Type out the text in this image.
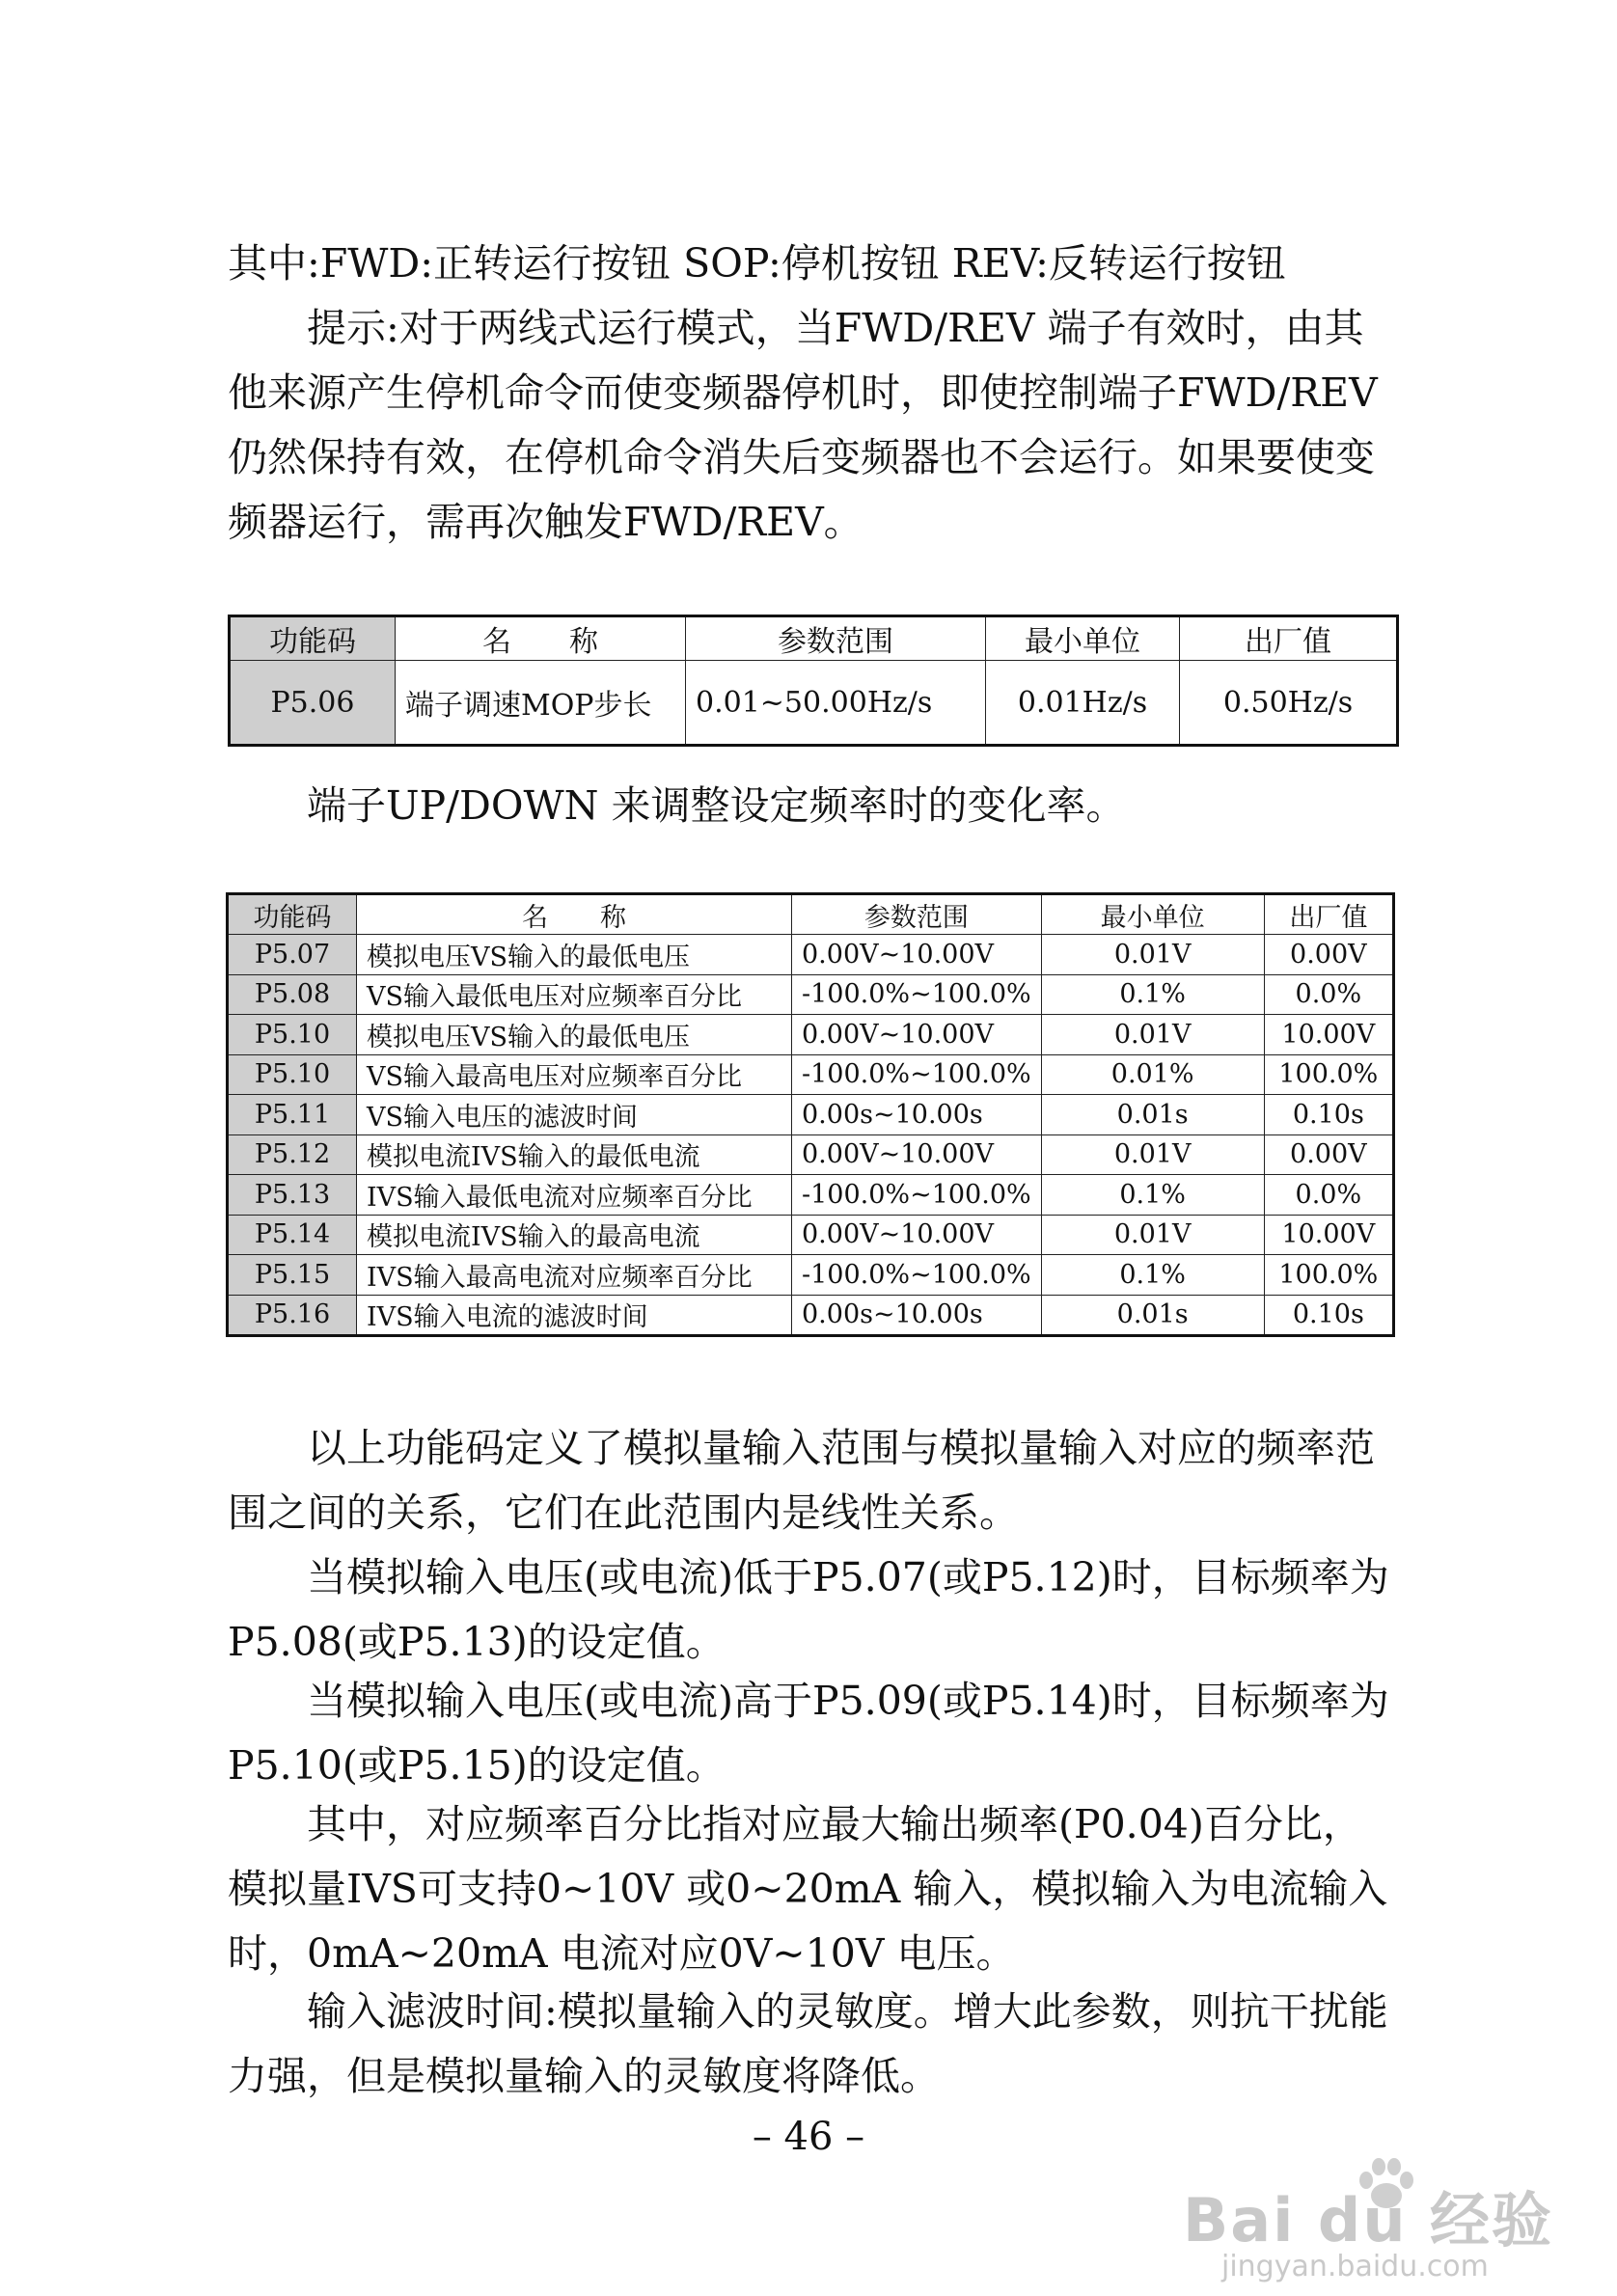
其中:FWD:正转运行按钮 SOP:停机按钮 REV:反转运行按钮

提示:对于两线式运行模式，当FWD/REV 端子有效时，由其他来源产生停机命令而使变频器停机时，即使控制端子FWD/REV 仍然保持有效，在停机命令消失后变频器也不会运行。如果要使变频器运行，需再次触发FWD/REV。

功能码	名　　称	参数范围	最小单位	出厂值
P5.06	端子调速MOP步长	0.01~50.00Hz/s	0.01Hz/s	0.50Hz/s

端子UP/DOWN 来调整设定频率时的变化率。

功能码	名　　称	参数范围	最小单位	出厂值
P5.07	模拟电压VS输入的最低电压	0.00V~10.00V	0.01V	0.00V
P5.08	VS输入最低电压对应频率百分比	-100.0%~100.0%	0.1%	0.0%
P5.10	模拟电压VS输入的最低电压	0.00V~10.00V	0.01V	10.00V
P5.10	VS输入最高电压对应频率百分比	-100.0%~100.0%	0.01%	100.0%
P5.11	VS输入电压的滤波时间	0.00s~10.00s	0.01s	0.10s
P5.12	模拟电流IVS输入的最低电流	0.00V~10.00V	0.01V	0.00V
P5.13	IVS输入最低电流对应频率百分比	-100.0%~100.0%	0.1%	0.0%
P5.14	模拟电流IVS输入的最高电流	0.00V~10.00V	0.01V	10.00V
P5.15	IVS输入最高电流对应频率百分比	-100.0%~100.0%	0.1%	100.0%
P5.16	IVS输入电流的滤波时间	0.00s~10.00s	0.01s	0.10s

以上功能码定义了模拟量输入范围与模拟量输入对应的频率范围之间的关系，它们在此范围内是线性关系。

当模拟输入电压(或电流)低于P5.07(或P5.12)时，目标频率为P5.08(或P5.13)的设定值。

当模拟输入电压(或电流)高于P5.09(或P5.14)时，目标频率为P5.10(或P5.15)的设定值。

其中，对应频率百分比指对应最大输出频率(P0.04)百分比，模拟量IVS可支持0~10V 或0~20mA 输入，模拟输入为电流输入时，0mA~20mA 电流对应0V~10V 电压。

输入滤波时间:模拟量输入的灵敏度。增大此参数，则抗干扰能力强，但是模拟量输入的灵敏度将降低。

– 46 –
Bai du 经验
jingyan.baidu.com
